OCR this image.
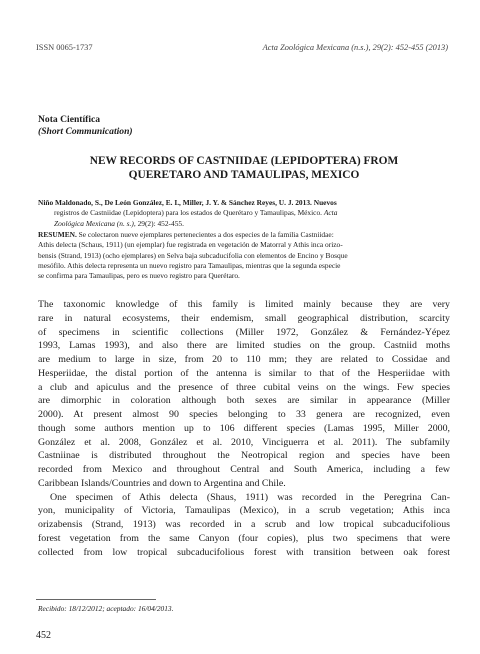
ISSN 0065-1737	Acta Zoológica Mexicana (n.s.), 29(2): 452-455 (2013)
Nota Científica
(Short Communication)
NEW RECORDS OF CASTNIIDAE (LEPIDOPTERA) FROM
QUERETARO AND TAMAULIPAS, MEXICO
Niño Maldonado, S., De León González, E. I., Miller, J. Y. & Sánchez Reyes, U. J. 2013. Nuevos
registros de Castniidae (Lepidoptera) para los estados de Querétaro y Tamaulipas, México. Acta
Zoológica Mexicana (n. s.), 29(2): 452-455.
RESUMEN. Se colectaron nueve ejemplares pertenecientes a dos especies de la familia Castniidae:
Athis delecta (Schaus, 1911) (un ejemplar) fue registrada en vegetación de Matorral y Athis inca orizo-
bensis (Strand, 1913) (ocho ejemplares) en Selva baja subcaducifolia con elementos de Encino y Bosque
mesófilo. Athis delecta representa un nuevo registro para Tamaulipas, mientras que la segunda especie
se confirma para Tamaulipas, pero es nuevo registro para Querétaro.
The taxonomic knowledge of this family is limited mainly because they are very
rare in natural ecosystems, their endemism, small geographical distribution, scarcity
of specimens in scientific collections (Miller 1972, González & Fernández-Yépez
1993, Lamas 1993), and also there are limited studies on the group. Castniid moths
are medium to large in size, from 20 to 110 mm; they are related to Cossidae and
Hesperiidae, the distal portion of the antenna is similar to that of the Hesperiidae with
a club and apiculus and the presence of three cubital veins on the wings. Few species
are dimorphic in coloration although both sexes are similar in appearance (Miller
2000). At present almost 90 species belonging to 33 genera are recognized, even
though some authors mention up to 106 different species (Lamas 1995, Miller 2000,
González et al. 2008, González et al. 2010, Vinciguerra et al. 2011). The subfamily
Castniinae is distributed throughout the Neotropical region and species have been
recorded from Mexico and throughout Central and South America, including a few
Caribbean Islands/Countries and down to Argentina and Chile.
One specimen of Athis delecta (Shaus, 1911) was recorded in the Peregrina Can-
yon, municipality of Victoria, Tamaulipas (Mexico), in a scrub vegetation; Athis inca
orizabensis (Strand, 1913) was recorded in a scrub and low tropical subcaducifolious
forest vegetation from the same Canyon (four copies), plus two specimens that were
collected from low tropical subcaducifolious forest with transition between oak forest
Recibido: 18/12/2012; aceptado: 16/04/2013.
452
